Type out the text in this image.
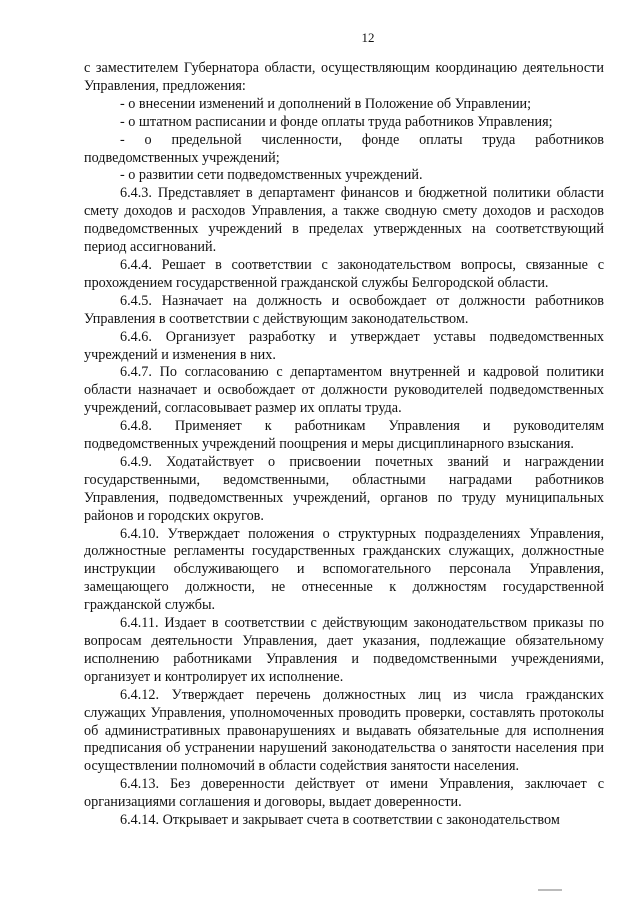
12

с заместителем Губернатора области, осуществляющим координацию деятельности Управления, предложения:

- о внесении изменений и дополнений в Положение об Управлении;

- о штатном расписании и фонде оплаты труда работников Управления;

- о предельной численности, фонде оплаты труда работников подведомственных учреждений;

- о развитии сети подведомственных учреждений.

6.4.3. Представляет в департамент финансов и бюджетной политики области смету доходов и расходов Управления, а также сводную смету доходов и расходов подведомственных учреждений в пределах утвержденных на соответствующий период ассигнований.

6.4.4. Решает в соответствии с законодательством вопросы, связанные с прохождением государственной гражданской службы Белгородской области.

6.4.5. Назначает на должность и освобождает от должности работников Управления в соответствии с действующим законодательством.

6.4.6. Организует разработку и утверждает уставы подведомственных учреждений и изменения в них.

6.4.7. По согласованию с департаментом внутренней и кадровой политики области назначает и освобождает от должности руководителей подведомственных учреждений, согласовывает размер их оплаты труда.

6.4.8. Применяет к работникам Управления и руководителям подведомственных учреждений поощрения и меры дисциплинарного взыскания.

6.4.9. Ходатайствует о присвоении почетных званий и награждении государственными, ведомственными, областными наградами работников Управления, подведомственных учреждений, органов по труду муниципальных районов и городских округов.

6.4.10. Утверждает положения о структурных подразделениях Управления, должностные регламенты государственных гражданских служащих, должностные инструкции обслуживающего и вспомогательного персонала Управления, замещающего должности, не отнесенные к должностям государственной гражданской службы.

6.4.11. Издает в соответствии с действующим законодательством приказы по вопросам деятельности Управления, дает указания, подлежащие обязательному исполнению работниками Управления и подведомственными учреждениями, организует и контролирует их исполнение.

6.4.12. Утверждает перечень должностных лиц из числа гражданских служащих Управления, уполномоченных проводить проверки, составлять протоколы об административных правонарушениях и выдавать обязательные для исполнения предписания об устранении нарушений законодательства о занятости населения при осуществлении полномочий в области содействия занятости населения.

6.4.13. Без доверенности действует от имени Управления, заключает с организациями соглашения и договоры, выдает доверенности.

6.4.14. Открывает и закрывает счета в соответствии с законодательством
